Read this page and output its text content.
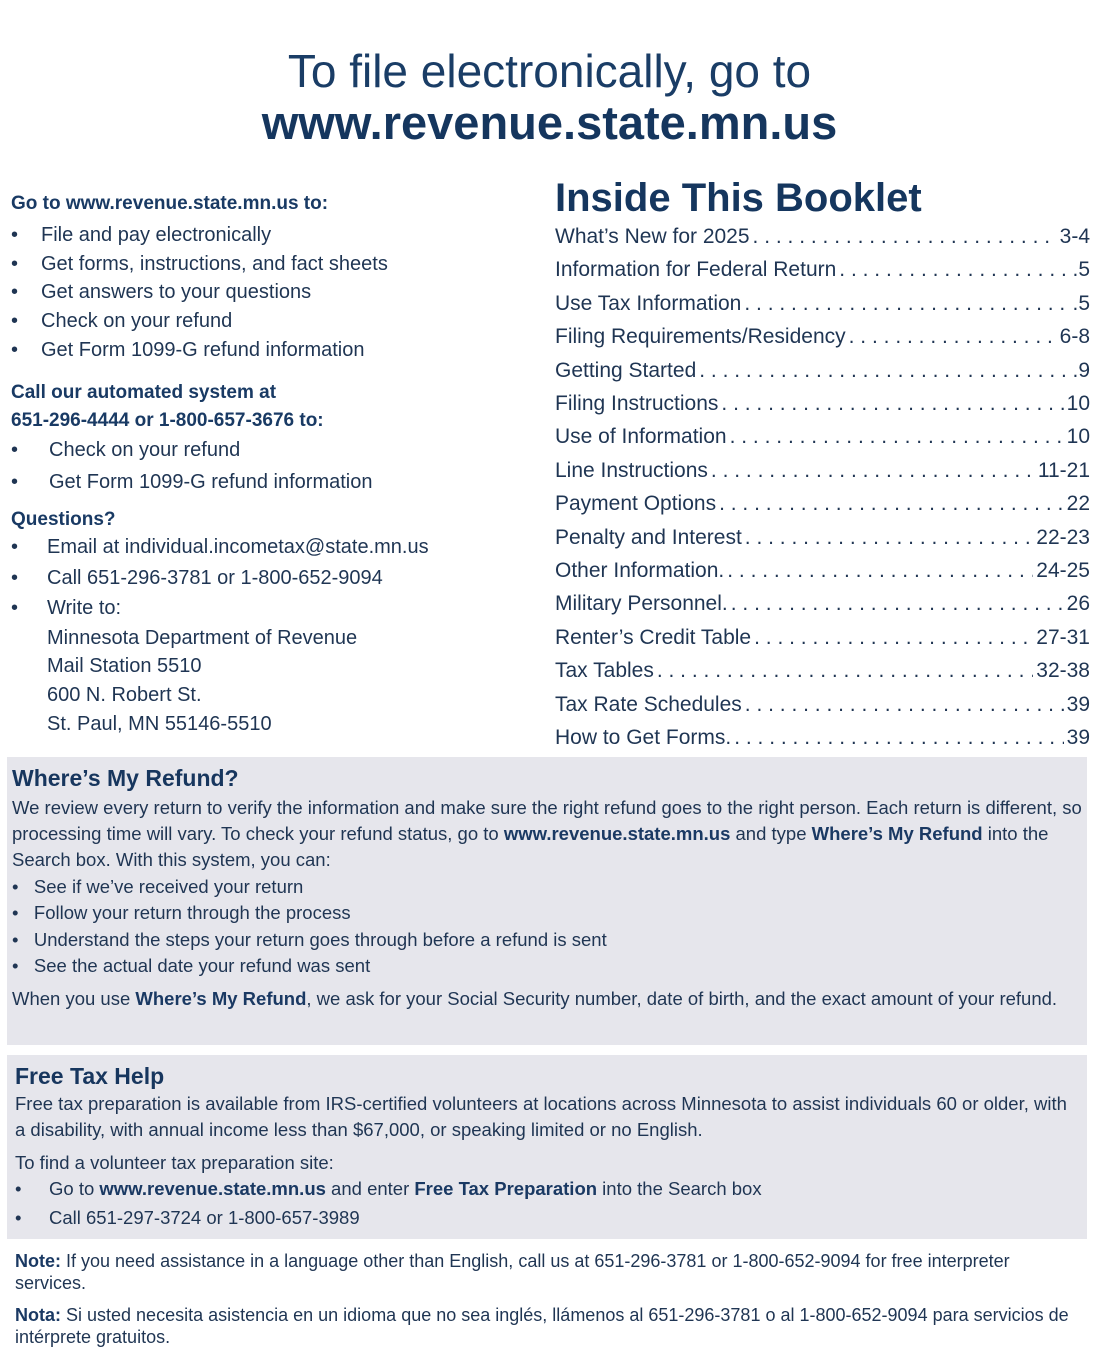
To file electronically, go to
www.revenue.state.mn.us
Go to www.revenue.state.mn.us to:
• File and pay electronically
• Get forms, instructions, and fact sheets
• Get answers to your questions
• Check on your refund
• Get Form 1099-G refund information
Call our automated system at
651-296-4444 or 1-800-657-3676 to:
• Check on your refund
• Get Form 1099-G refund information
Questions?
• Email at individual.incometax@state.mn.us
• Call 651-296-3781 or 1-800-652-9094
• Write to:
Minnesota Department of Revenue
Mail Station 5510
600 N. Robert St.
St. Paul, MN 55146-5510
Inside This Booklet
What’s New for 2025 . . .	3-4
Information for Federal Return . . .	.5
Use Tax Information . . .	.5
Filing Requirements/Residency . . .	6-8
Getting Started . . .	.9
Filing Instructions . . .	10
Use of Information . . .	10
Line Instructions . . .	11-21
Payment Options . . .	22
Penalty and Interest . . .	22-23
Other Information. . . .	24-25
Military Personnel. . . .	26
Renter’s Credit Table . . .	27-31
Tax Tables . . .	32-38
Tax Rate Schedules . . .	39
How to Get Forms. . . .	39
Where’s My Refund?
We review every return to verify the information and make sure the right refund goes to the right person. Each return is different, so processing time will vary. To check your refund status, go to www.revenue.state.mn.us and type Where’s My Refund into the Search box. With this system, you can:
•   See if we’ve received your return
•   Follow your return through the process
•   Understand the steps your return goes through before a refund is sent
•   See the actual date your refund was sent
When you use Where’s My Refund, we ask for your Social Security number, date of birth, and the exact amount of your refund.
Free Tax Help
Free tax preparation is available from IRS-certified volunteers at locations across Minnesota to assist individuals 60 or older, with a disability, with annual income less than $67,000, or speaking limited or no English.
To find a volunteer tax preparation site:
• Go to www.revenue.state.mn.us and enter Free Tax Preparation into the Search box
• Call 651-297-3724 or 1-800-657-3989
Note: If you need assistance in a language other than English, call us at 651-296-3781 or 1-800-652-9094 for free interpreter services.
Nota: Si usted necesita asistencia en un idioma que no sea inglés, llámenos al 651-296-3781 o al 1-800-652-9094 para servicios de intérprete gratuitos.
